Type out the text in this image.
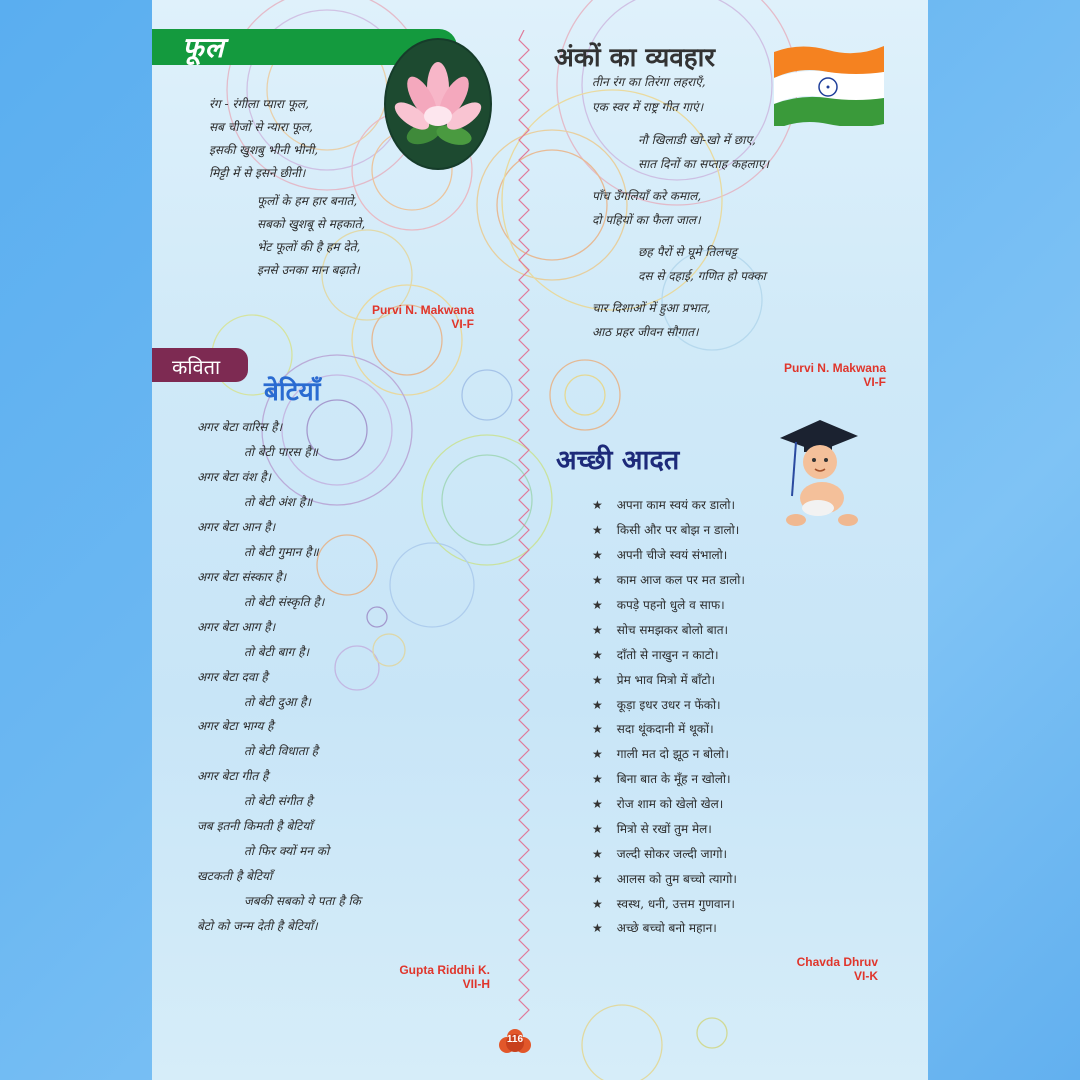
फूल
रंग - रंगीला प्यारा फूल,
सब चीजों से न्यारा फूल,
इसकी खुशबु भीनी भीनी,
मिट्टी में से इसने छीनी।
फूलों के हम हार बनाते,
सबको खुशबू से महकाते,
भेंट फूलों की है हम देते,
इनसे उनका मान बढ़ाते।
Purvi N. Makwana
VI-F
कविता
बेटियाँ
अगर बेटा वारिस है।
तो बेटी पारस है॥
अगर बेटा वंश है।
तो बेटी अंश है॥
अगर बेटा आन है।
तो बेटी गुमान है॥
अगर बेटा संस्कार है।
तो बेटी संस्कृति है।
अगर बेटा आग है।
तो बेटी बाग है।
अगर बेटा दवा है
तो बेटी दुआ है।
अगर बेटा भाग्य है
तो बेटी विधाता है
अगर बेटा गीत है
तो बेटी संगीत है
जब इतनी किमती है बेटियाँ
तो फिर क्यों मन को
खटकती है बेटियाँ
जबकी सबको ये पता है कि
बेटो को जन्म देती है बेटियाँ।
Gupta Riddhi K.
VII-H
अंकों का व्यवहार
तीन रंग का तिरंगा लहराएँ,
एक स्वर में राष्ट्र गीत गाएं।
नौ खिलाडी खो-खो में छाए,
सात दिनों का सप्ताह कहलाए।
पाँच उँगलियाँ करे कमाल,
दो पहियों का फैला जाल।
छह पैरों से घूमे तिलचट्ट
दस से दहाई, गणित हो पक्का
चार दिशाओं में हुआ प्रभात,
आठ प्रहर जीवन सौगात।
Purvi N. Makwana
VI-F
अच्छी आदत
★ अपना काम स्वयं कर डालो।
★ किसी और पर बोझ न डालो।
★ अपनी चीजे स्वयं संभालो।
★ काम आज कल पर मत डालो।
★ कपड़े पहनो धुले व साफ।
★ सोच समझकर बोलो बात।
★ दाँतो से नाखुन न काटो।
★ प्रेम भाव मित्रो में बाँटो।
★ कूड़ा इधर उधर न फेंको।
★ सदा थूंकदानी में थूकों।
★ गाली मत दो झूठ न बोलो।
★ बिना बात के मूँह न खोलो।
★ रोज शाम को खेलो खेल।
★ मित्रो से रखों तुम मेल।
★ जल्दी सोकर जल्दी जागो।
★ आलस को तुम बच्चो त्यागो।
★ स्वस्थ, धनी, उत्तम गुणवान।
★ अच्छे बच्चो बनो महान।
Chavda Dhruv
VI-K
116
